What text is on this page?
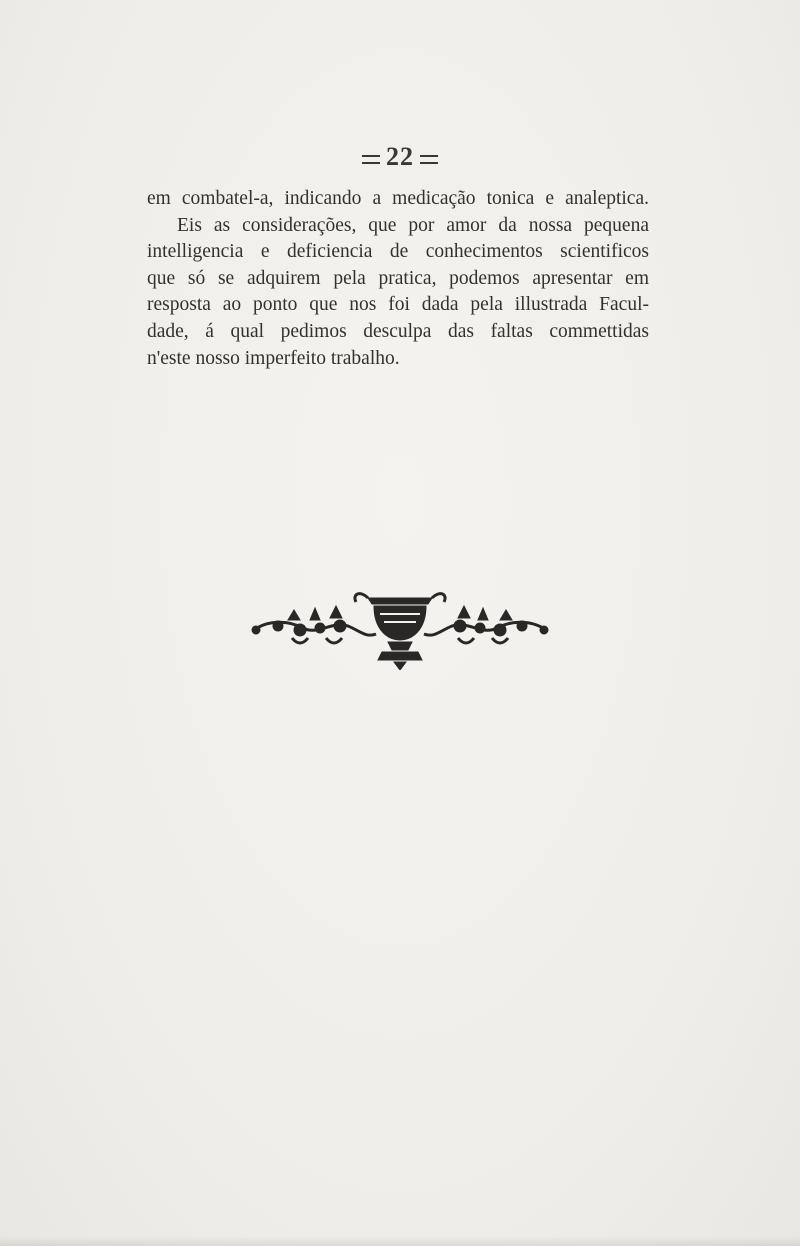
22

em combatel-a, indicando a medicação tonica e analeptica.

Eis as considerações, que por amor da nossa pequena
intelligencia e deficiencia de conhecimentos scientificos
que só se adquirem pela pratica, podemos apresentar em
resposta ao ponto que nos foi dada pela illustrada Facul-
dade, á qual pedimos desculpa das faltas commettidas
n'este nosso imperfeito trabalho.
